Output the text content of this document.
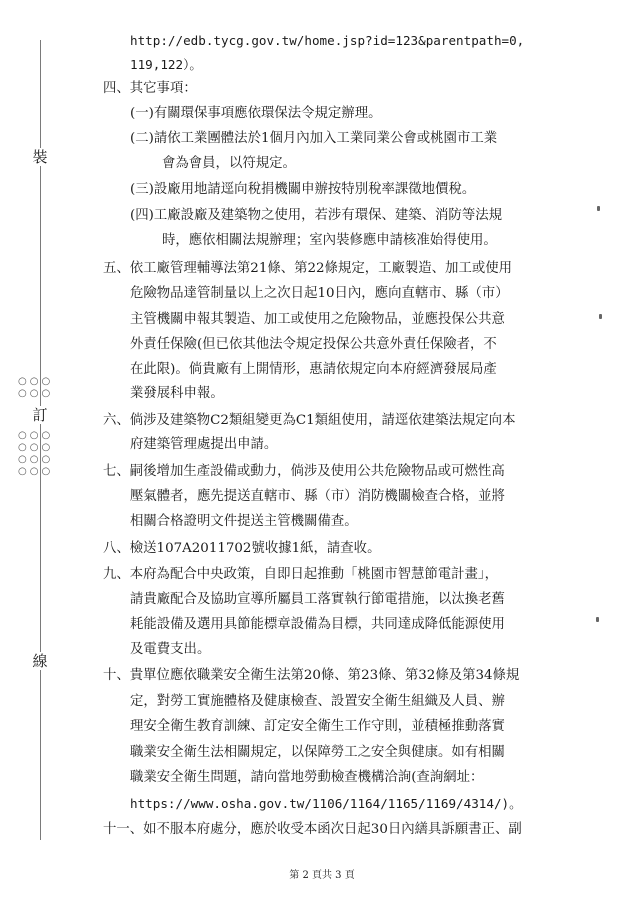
裝
○○○
○○○
訂
○○○
○○○
○○○
○○○
線
http://edb.tycg.gov.tw/home.jsp?id=123&parentpath=0,
119,122）。
四、其它事項：
(一)有關環保事項應依環保法令規定辦理。
(二)請依工業團體法於1個月內加入工業同業公會或桃園市工業
會為會員，以符規定。
(三)設廠用地請逕向稅捐機關申辦按特別稅率課徵地價稅。
(四)工廠設廠及建築物之使用，若涉有環保、建築、消防等法規
時，應依相關法規辦理；室內裝修應申請核准始得使用。
五、依工廠管理輔導法第21條、第22條規定，工廠製造、加工或使用
危險物品達管制量以上之次日起10日內，應向直轄市、縣（市）
主管機關申報其製造、加工或使用之危險物品，並應投保公共意
外責任保險(但已依其他法令規定投保公共意外責任保險者，不
在此限)。倘貴廠有上開情形，惠請依規定向本府經濟發展局產
業發展科申報。
六、倘涉及建築物C2類組變更為C1類組使用，請逕依建築法規定向本
府建築管理處提出申請。
七、嗣後增加生產設備或動力，倘涉及使用公共危險物品或可燃性高
壓氣體者，應先提送直轄市、縣（市）消防機關檢查合格，並將
相關合格證明文件提送主管機關備查。
八、檢送107A2011702號收據1紙，請查收。
九、本府為配合中央政策，自即日起推動「桃園市智慧節電計畫」，
請貴廠配合及協助宣導所屬員工落實執行節電措施，以汰換老舊
耗能設備及選用具節能標章設備為目標，共同達成降低能源使用
及電費支出。
十、貴單位應依職業安全衛生法第20條、第23條、第32條及第34條規
定，對勞工實施體格及健康檢查、設置安全衛生組織及人員、辦
理安全衛生教育訓練、訂定安全衛生工作守則，並積極推動落實
職業安全衛生法相關規定，以保障勞工之安全與健康。如有相關
職業安全衛生問題，請向當地勞動檢查機構洽詢(查詢網址：
https://www.osha.gov.tw/1106/1164/1165/1169/4314/)。
十一、如不服本府處分，應於收受本函次日起30日內繕具訴願書正、副
第 2 頁共 3 頁
